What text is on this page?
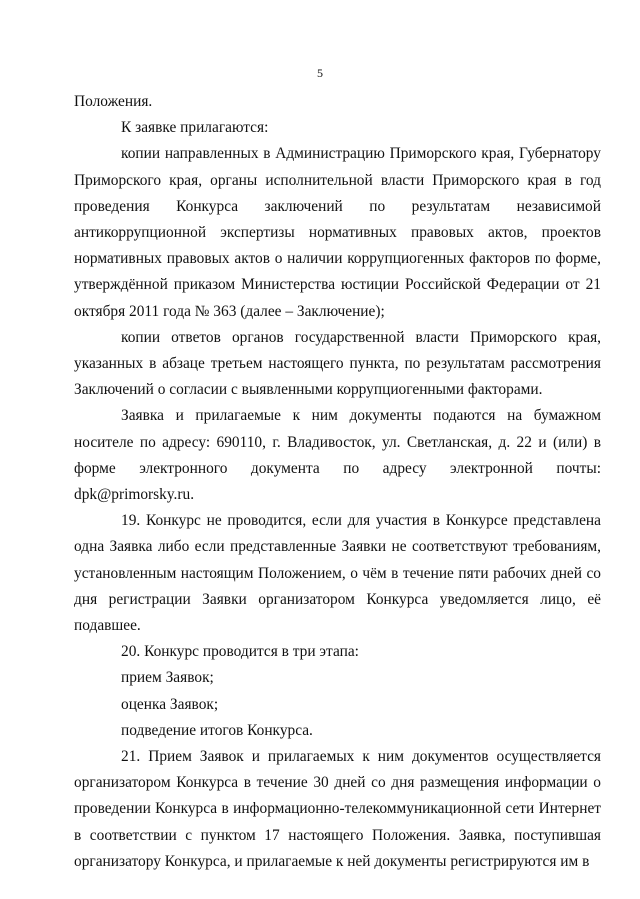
5

Положения.

К заявке прилагаются:

копии направленных в Администрацию Приморского края, Губернатору Приморского края, органы исполнительной власти Приморского края в год проведения Конкурса заключений по результатам независимой антикоррупционной экспертизы нормативных правовых актов, проектов нормативных правовых актов о наличии коррупциогенных факторов по форме, утверждённой приказом Министерства юстиции Российской Федерации от 21 октября 2011 года № 363 (далее – Заключение);

копии ответов органов государственной власти Приморского края, указанных в абзаце третьем настоящего пункта, по результатам рассмотрения Заключений о согласии с выявленными коррупциогенными факторами.

Заявка и прилагаемые к ним документы подаются на бумажном носителе по адресу: 690110, г. Владивосток, ул. Светланская, д. 22 и (или) в форме электронного документа по адресу электронной почты: dpk@primorsky.ru.

19. Конкурс не проводится, если для участия в Конкурсе представлена одна Заявка либо если представленные Заявки не соответствуют требованиям, установленным настоящим Положением, о чём в течение пяти рабочих дней со дня регистрации Заявки организатором Конкурса уведомляется лицо, её подавшее.

20. Конкурс проводится в три этапа:

прием Заявок;

оценка Заявок;

подведение итогов Конкурса.

21. Прием Заявок и прилагаемых к ним документов осуществляется организатором Конкурса в течение 30 дней со дня размещения информации о проведении Конкурса в информационно-телекоммуникационной сети Интернет в соответствии с пунктом 17 настоящего Положения. Заявка, поступившая организатору Конкурса, и прилагаемые к ней документы регистрируются им в
